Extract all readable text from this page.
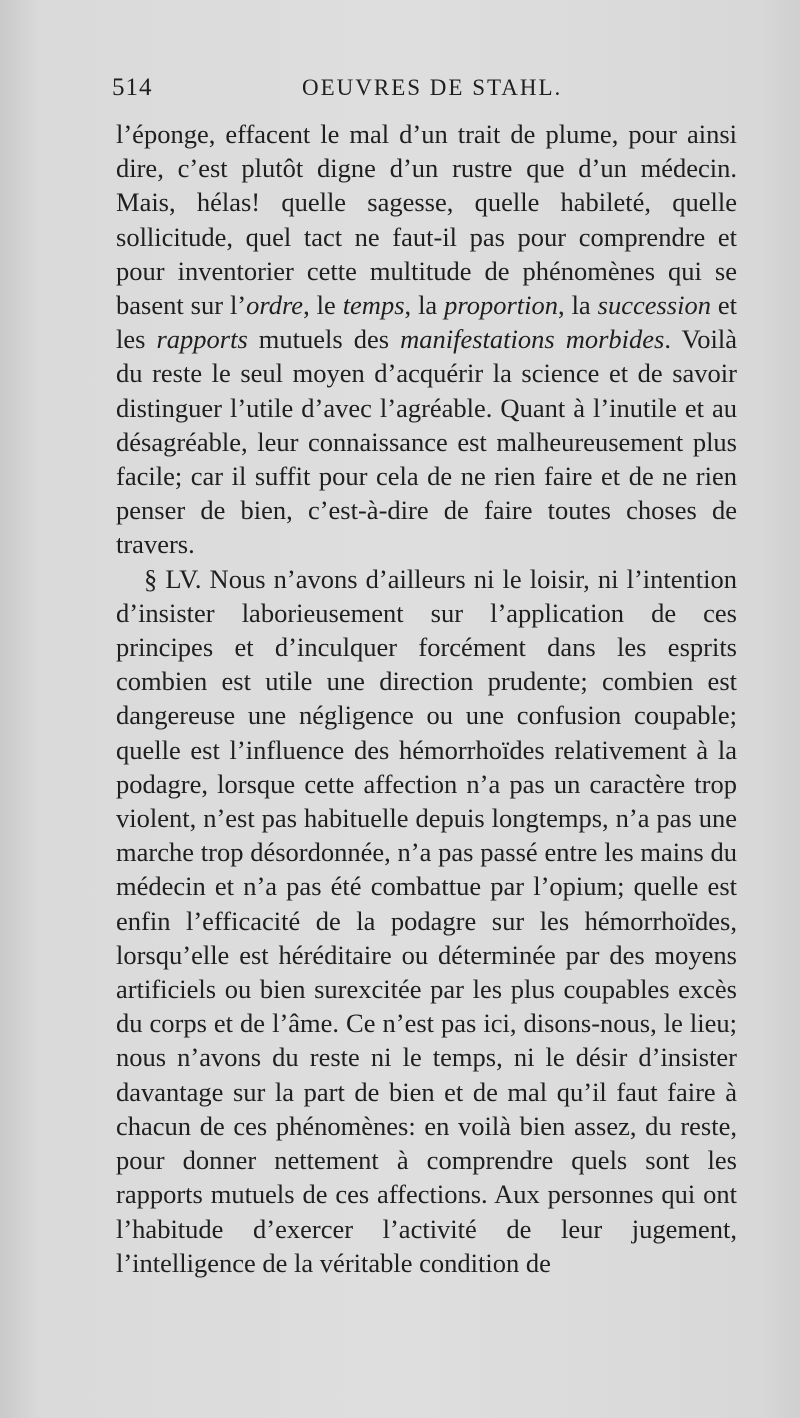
514	OEUVRES DE STAHL.

l’éponge, effacent le mal d’un trait de plume, pour ainsi dire, c’est plutôt digne d’un rustre que d’un médecin. Mais, hélas! quelle sagesse, quelle habileté, quelle sollicitude, quel tact ne faut-il pas pour comprendre et pour inventorier cette multitude de phénomènes qui se basent sur l’ordre, le temps, la proportion, la succession et les rapports mutuels des manifestations morbides. Voilà du reste le seul moyen d’acquérir la science et de savoir distinguer l’utile d’avec l’agréable. Quant à l’inutile et au désagréable, leur connaissance est malheureusement plus facile; car il suffit pour cela de ne rien faire et de ne rien penser de bien, c’est-à-dire de faire toutes choses de travers.

§ LV. Nous n’avons d’ailleurs ni le loisir, ni l’intention d’insister laborieusement sur l’application de ces principes et d’inculquer forcément dans les esprits combien est utile une direction prudente; combien est dangereuse une négligence ou une confusion coupable; quelle est l’influence des hémorrhoïdes relativement à la podagre, lorsque cette affection n’a pas un caractère trop violent, n’est pas habituelle depuis longtemps, n’a pas une marche trop désordonnée, n’a pas passé entre les mains du médecin et n’a pas été combattue par l’opium; quelle est enfin l’efficacité de la podagre sur les hémorrhoïdes, lorsqu’elle est héréditaire ou déterminée par des moyens artificiels ou bien surexcitée par les plus coupables excès du corps et de l’âme. Ce n’est pas ici, disons-nous, le lieu; nous n’avons du reste ni le temps, ni le désir d’insister davantage sur la part de bien et de mal qu’il faut faire à chacun de ces phénomènes: en voilà bien assez, du reste, pour donner nettement à comprendre quels sont les rapports mutuels de ces affections. Aux personnes qui ont l’habitude d’exercer l’activité de leur jugement, l’intelligence de la véritable condition de
